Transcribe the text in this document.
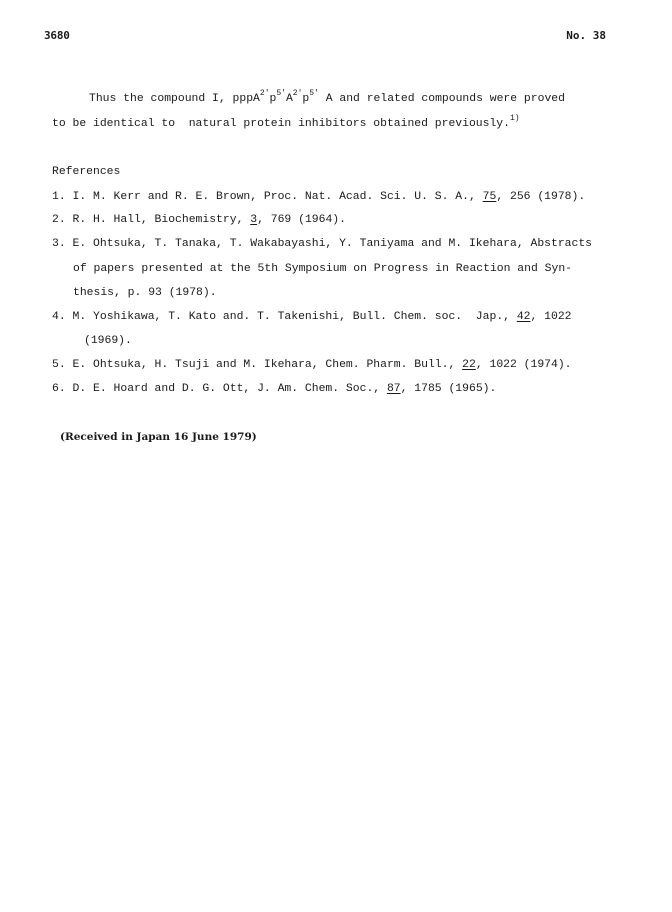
3680	No. 38
Thus the compound I, $pppA^{2'}p^{5'}A^{2'}p^{5'}$ A and related compounds were proved
to be identical to  natural protein inhibitors obtained previously.$^{1)}$
References
1. I. M. Kerr and R. E. Brown, Proc. Nat. Acad. Sci. U. S. A., 75, 256 (1978).
2. R. H. Hall, Biochemistry, 3, 769 (1964).
3. E. Ohtsuka, T. Tanaka, T. Wakabayashi, Y. Taniyama and M. Ikehara, Abstracts
of papers presented at the 5th Symposium on Progress in Reaction and Syn-
thesis, p. 93 (1978).
4. M. Yoshikawa, T. Kato and. T. Takenishi, Bull. Chem. soc.  Jap., 42, 1022
(1969).
5. E. Ohtsuka, H. Tsuji and M. Ikehara, Chem. Pharm. Bull., 22, 1022 (1974).
6. D. E. Hoard and D. G. Ott, J. Am. Chem. Soc., 87, 1785 (1965).
(Received in Japan 16 June 1979)
